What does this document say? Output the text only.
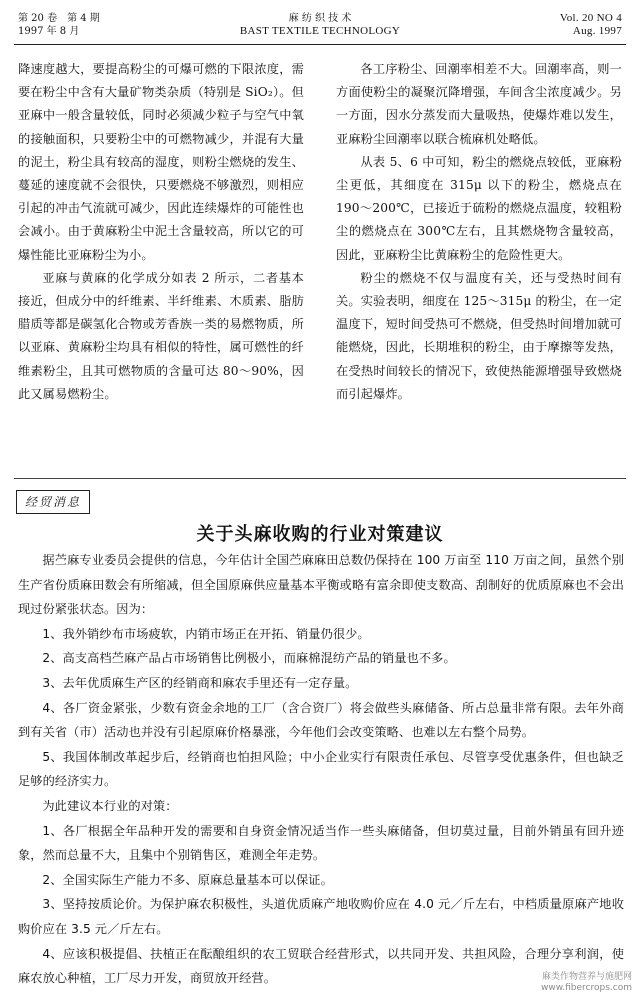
第 20 卷　第 4 期
1997 年 8 月
麻 纺 织 技 术
BAST TEXTILE TECHNOLOGY
Vol. 20 NO 4
Aug. 1997

降速度越大，要提高粉尘的可爆可燃的下限浓度，需要在粉尘中含有大量矿物类杂质（特别是 SiO₂）。但亚麻中一般含量较低，同时必须减少粒子与空气中氧的接触面积，只要粉尘中的可燃物减少，并混有大量的泥土，粉尘具有较高的湿度，则粉尘燃烧的发生、蔓延的速度就不会很快，只要燃烧不够激烈，则相应引起的冲击气流就可减少，因此连续爆炸的可能性也会减小。由于黄麻粉尘中泥土含量较高，所以它的可爆性能比亚麻粉尘为小。

亚麻与黄麻的化学成分如表 2 所示，二者基本接近，但成分中的纤维素、半纤维素、木质素、脂肪腊质等都是碳氢化合物或芳香族一类的易燃物质，所以亚麻、黄麻粉尘均具有相似的特性，属可燃性的纤维素粉尘，且其可燃物质的含量可达 80～90%，因此又属易燃粉尘。

各工序粉尘、回潮率相差不大。回潮率高，则一方面使粉尘的凝聚沉降增强，车间含尘浓度减少。另一方面，因水分蒸发而大量吸热，使爆炸难以发生，亚麻粉尘回潮率以联合梳麻机处略低。

从表 5、6 中可知，粉尘的燃烧点较低，亚麻粉尘更低，其细度在 315μ 以下的粉尘，燃烧点在 190～200℃，已接近于硫粉的燃烧点温度，较粗粉尘的燃烧点在 300℃左右，且其燃烧物含量较高，因此，亚麻粉尘比黄麻粉尘的危险性更大。

粉尘的燃烧不仅与温度有关，还与受热时间有关。实验表明，细度在 125～315μ 的粉尘，在一定温度下，短时间受热可不燃烧，但受热时间增加就可能燃烧，因此，长期堆积的粉尘，由于摩擦等发热，在受热时间较长的情况下，致使热能源增强导致燃烧而引起爆炸。

经贸消息
关于头麻收购的行业对策建议

据苎麻专业委员会提供的信息，今年估计全国苎麻麻田总数仍保持在 100 万亩至 110 万亩之间，虽然个别生产省份质麻田数会有所缩减，但全国原麻供应量基本平衡或略有富余即使支数高、刮制好的优质原麻也不会出现过份紧张状态。因为：

1、我外销纱布市场疲软，内销市场正在开拓、销量仍很少。

2、高支高档苎麻产品占市场销售比例极小，而麻棉混纺产品的销量也不多。

3、去年优质麻生产区的经销商和麻农手里还有一定存量。

4、各厂资金紧张，少数有资金余地的工厂（含合资厂）将会做些头麻储备、所占总量非常有限。去年外商到有关省（市）活动也并没有引起原麻价格暴涨，今年他们会改变策略、也难以左右整个局势。

5、我国体制改革起步后，经销商也怕担风险；中小企业实行有限责任承包、尽管享受优惠条件，但也缺乏足够的经济实力。

为此建议本行业的对策：

1、各厂根据全年品种开发的需要和自身资金情况适当作一些头麻储备，但切莫过量，目前外销虽有回升迹象，然而总量不大，且集中个别销售区，难测全年走势。

2、全国实际生产能力不多、原麻总量基本可以保证。

3、坚持按质论价。为保护麻农积极性，头道优质麻产地收购价应在 4.0 元／斤左右，中档质量原麻产地收购价应在 3.5 元／斤左右。

4、应该积极提倡、扶植正在酝酿组织的农工贸联合经营形式，以共同开发、共担风险，合理分享利润，使麻农放心种植，工厂尽力开发，商贸放开经营。	麻类作物营养与施肥网
www.fibercrops.com
